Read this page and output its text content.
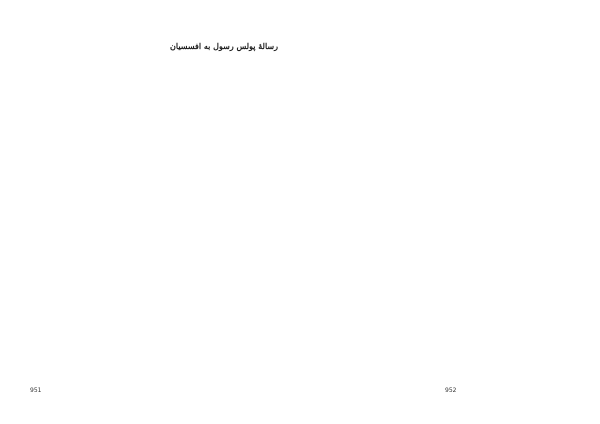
رسالهٔ پولس رسول به افسسیان

951	952
